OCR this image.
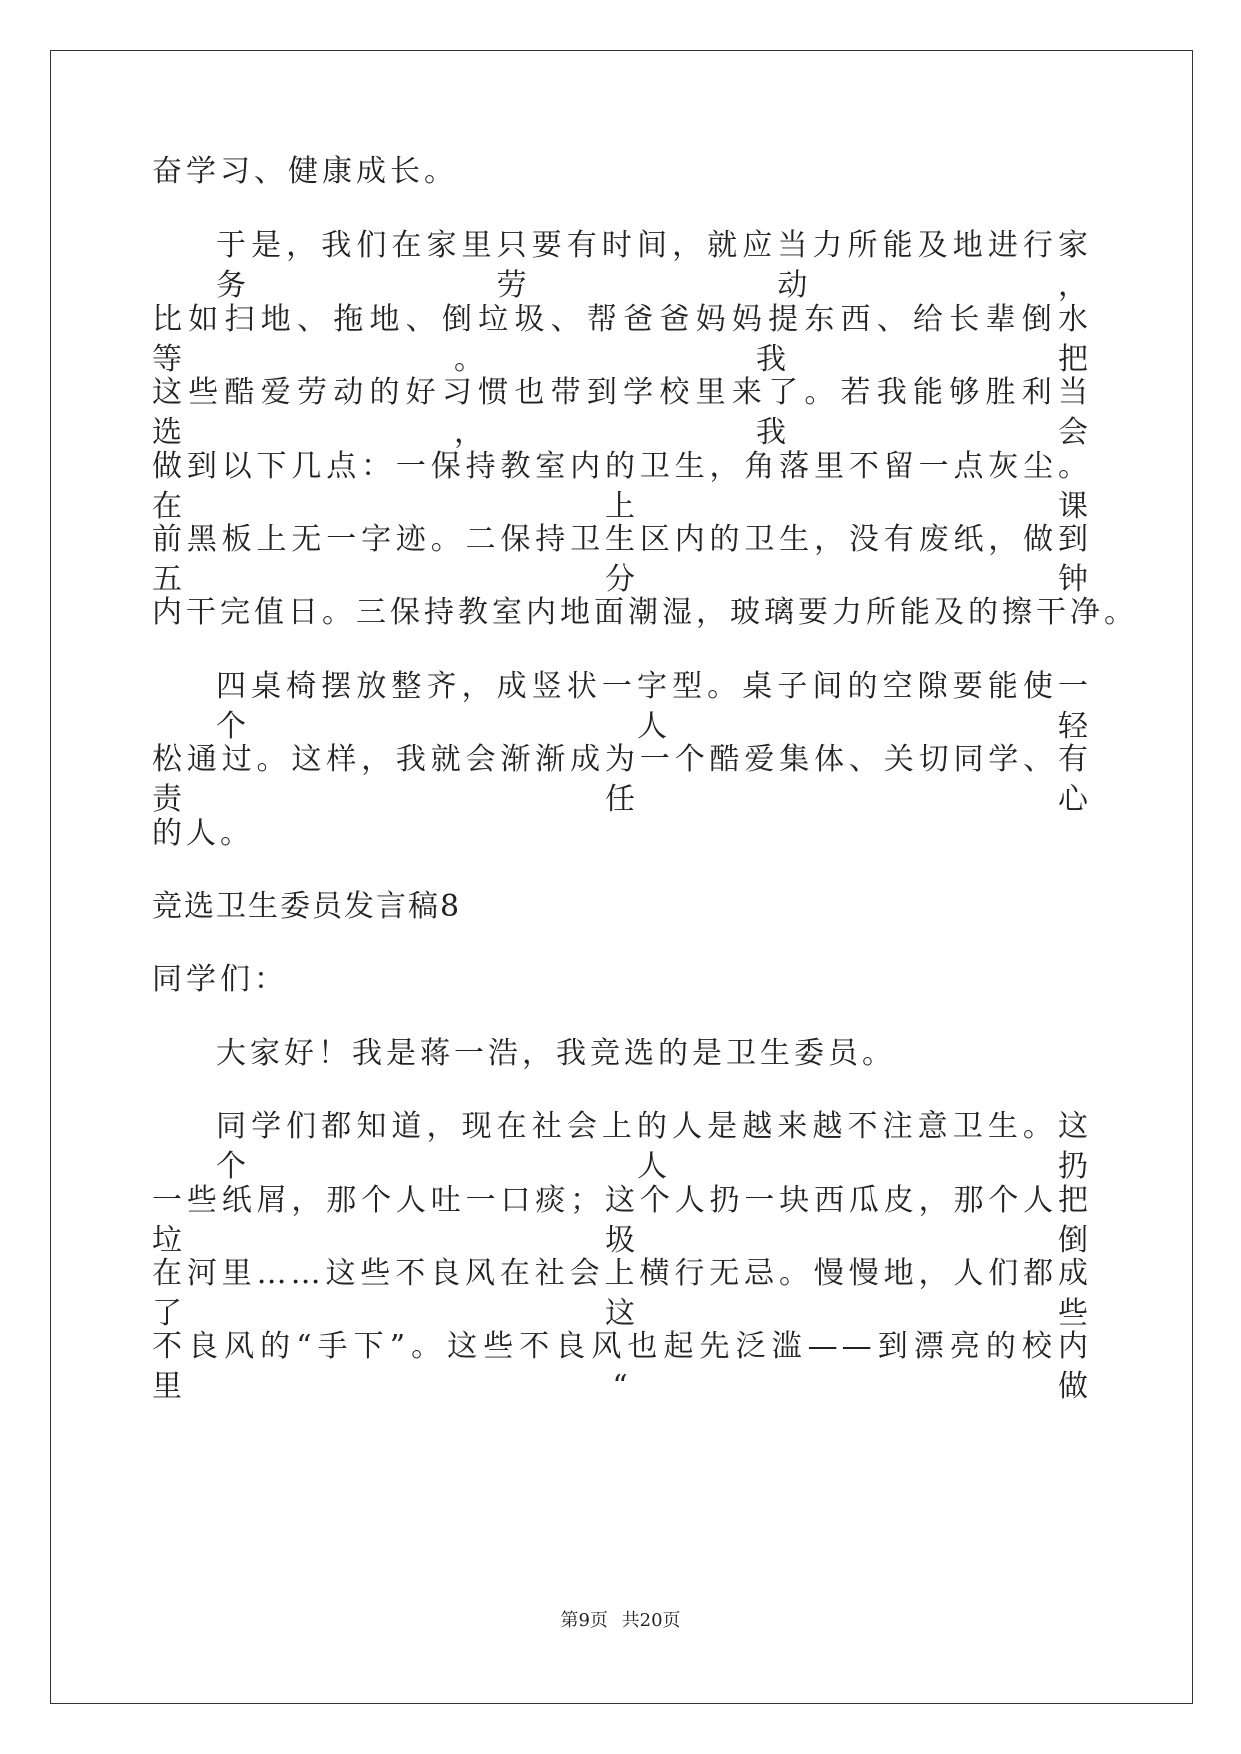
奋学习、健康成长。
于是，我们在家里只要有时间，就应当力所能及地进行家务劳动，
比如扫地、拖地、倒垃圾、帮爸爸妈妈提东西、给长辈倒水等。我把
这些酷爱劳动的好习惯也带到学校里来了。若我能够胜利当选，我会
做到以下几点：一保持教室内的卫生，角落里不留一点灰尘。在上课
前黑板上无一字迹。二保持卫生区内的卫生，没有废纸，做到五分钟
内干完值日。三保持教室内地面潮湿，玻璃要力所能及的擦干净。
四桌椅摆放整齐，成竖状一字型。桌子间的空隙要能使一个人轻
松通过。这样，我就会渐渐成为一个酷爱集体、关切同学、有责任心
的人。
竞选卫生委员发言稿8
同学们：
大家好！我是蒋一浩，我竞选的是卫生委员。
同学们都知道，现在社会上的人是越来越不注意卫生。这个人扔
一些纸屑，那个人吐一口痰；这个人扔一块西瓜皮，那个人把垃圾倒
在河里……这些不良风在社会上横行无忌。慢慢地，人们都成了这些
不良风的“手下”。这些不良风也起先泛滥——到漂亮的校内里“做
第9页 共20页
